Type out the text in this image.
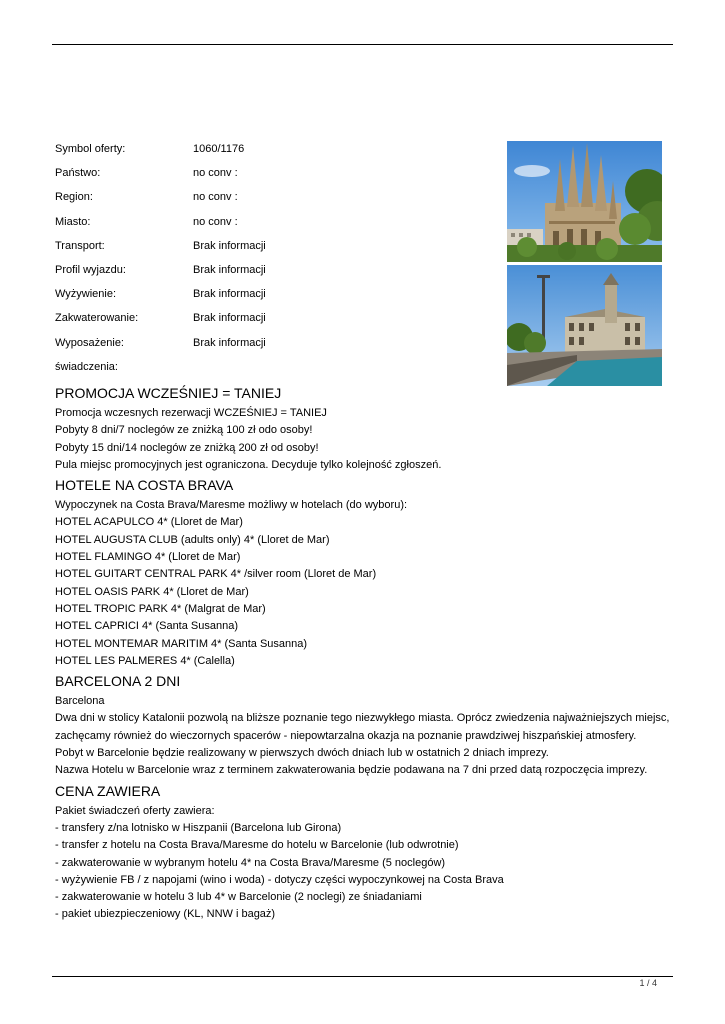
Symbol oferty:	1060/1176
Państwo:	no conv :
Region:	no conv :
Miasto:	no conv :
Transport:	Brak informacji
Profil wyjazdu:	Brak informacji
Wyżywienie:	Brak informacji
Zakwaterowanie:	Brak informacji
Wyposażenie:	Brak informacji
świadczenia:
PROMOCJA WCZEŚNIEJ = TANIEJ
Promocja wczesnych rezerwacji WCZEŚNIEJ = TANIEJ
Pobyty 8 dni/7 noclegów ze zniżką 100 zł odo osoby!
Pobyty 15 dni/14 noclegów ze zniżką 200 zł od osoby!
Pula miejsc promocyjnych jest ograniczona. Decyduje tylko kolejność zgłoszeń.
HOTELE NA COSTA BRAVA
Wypoczynek na Costa Brava/Maresme możliwy w hotelach (do wyboru):
HOTEL ACAPULCO 4* (Lloret de Mar)
HOTEL AUGUSTA CLUB (adults only) 4* (Lloret de Mar)
HOTEL FLAMINGO 4* (Lloret de Mar)
HOTEL GUITART CENTRAL PARK 4* /silver room (Lloret de Mar)
HOTEL OASIS PARK 4* (Lloret de Mar)
HOTEL TROPIC PARK 4* (Malgrat de Mar)
HOTEL CAPRICI 4* (Santa Susanna)
HOTEL MONTEMAR MARITIM 4* (Santa Susanna)
HOTEL LES PALMERES 4* (Calella)
BARCELONA 2 DNI
Barcelona
Dwa dni w stolicy Katalonii pozwolą na bliższe poznanie tego niezwykłego miasta. Oprócz zwiedzenia najważniejszych miejsc,
zachęcamy również do wieczornych spacerów - niepowtarzalna okazja na poznanie prawdziwej hiszpańskiej atmosfery.
Pobyt w Barcelonie będzie realizowany w pierwszych dwóch dniach lub w ostatnich 2 dniach imprezy.
Nazwa Hotelu w Barcelonie wraz z terminem zakwaterowania będzie podawana na 7 dni przed datą rozpoczęcia imprezy.
CENA ZAWIERA
Pakiet świadczeń oferty zawiera:
- transfery z/na lotnisko w Hiszpanii (Barcelona lub Girona)
- transfer z hotelu na Costa Brava/Maresme do hotelu w Barcelonie (lub odwrotnie)
- zakwaterowanie w wybranym hotelu 4* na Costa Brava/Maresme (5 noclegów)
- wyżywienie FB / z napojami (wino i woda) - dotyczy części wypoczynkowej na Costa Brava
- zakwaterowanie w hotelu 3 lub 4* w Barcelonie (2 noclegi) ze śniadaniami
- pakiet ubiezpieczeniowy (KL, NNW i bagaż)
1 / 4
